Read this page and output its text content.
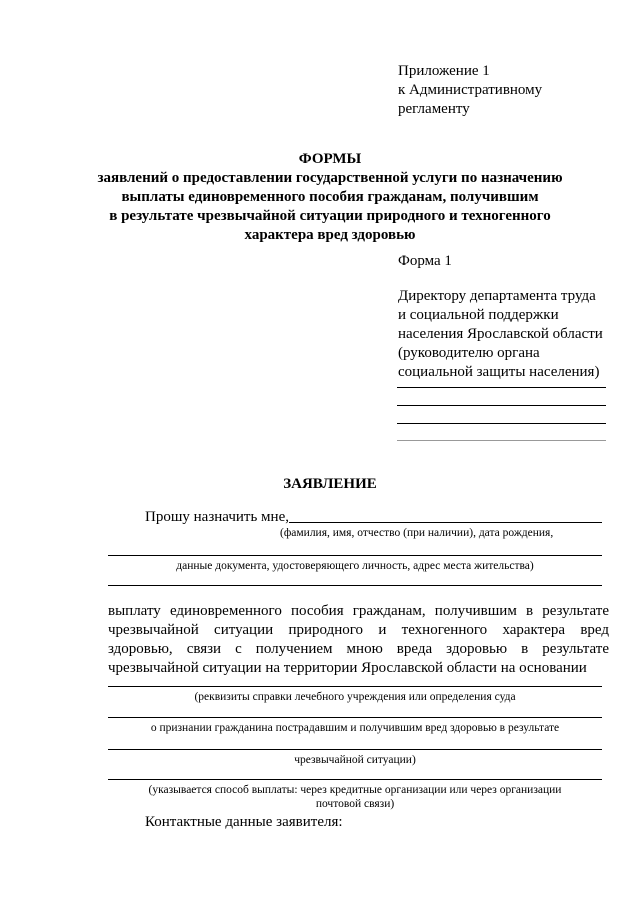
Приложение 1
к Административному
регламенту
ФОРМЫ
заявлений о предоставлении государственной услуги по назначению
выплаты единовременного пособия гражданам, получившим
в результате чрезвычайной ситуации природного и техногенного
характера вред здоровью
Форма 1
Директору департамента труда
и социальной поддержки
населения Ярославской области
(руководителю органа
социальной защиты населения)
ЗАЯВЛЕНИЕ
Прошу назначить мне,
(фамилия, имя, отчество (при наличии), дата рождения,
данные документа, удостоверяющего личность, адрес места жительства)
выплату единовременного пособия гражданам, получившим в результате
чрезвычайной ситуации природного и техногенного характера вред
здоровью, связи с получением мною вреда здоровью в результате
чрезвычайной ситуации на территории Ярославской области на основании
(реквизиты справки лечебного учреждения или определения суда
о признании гражданина пострадавшим и получившим вред здоровью в результате
чрезвычайной ситуации)
(указывается способ выплаты: через кредитные организации или через организации
почтовой связи)
Контактные данные заявителя:
